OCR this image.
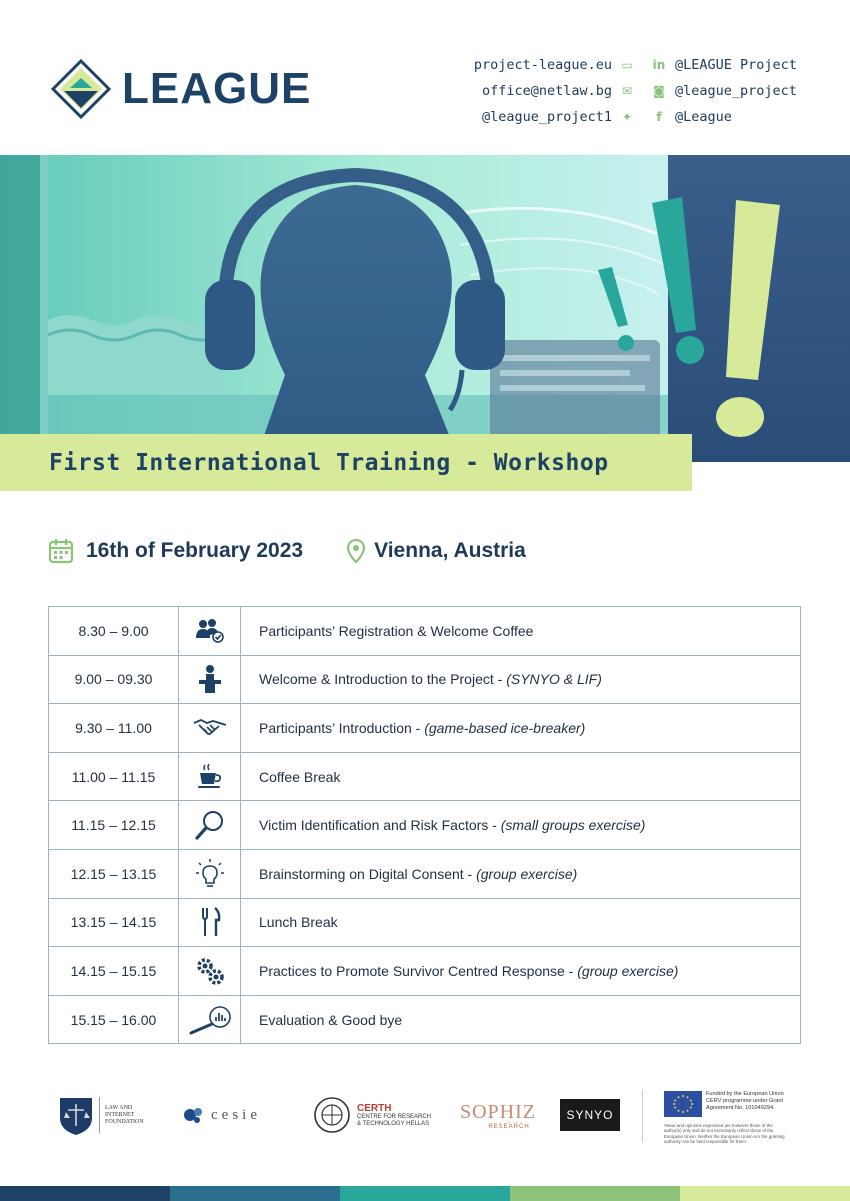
LEAGUE	project-league.eu ▭
office@netlaw.bg ✉
@league_project1 ✦
in @LEAGUE Project
◙ @league_project
f @League
First International Training - Workshop
16th of February 2023	Vienna, Austria
8.30 – 9.00		Participants’ Registration & Welcome Coffee
9.00 – 09.30		Welcome & Introduction to the Project - (SYNYO & LIF)
9.30 – 11.00		Participants’ Introduction - (game-based ice-breaker)
11.00 – 11.15		Coffee Break
11.15 – 12.15		Victim Identification and Risk Factors - (small groups exercise)
12.15 – 13.15		Brainstorming on Digital Consent - (group exercise)
13.15 – 14.15		Lunch Break
14.15 – 15.15		Practices to Promote Survivor Centred Response - (group exercise)
15.15 – 16.00		Evaluation & Good bye
LAW AND INTERNET FOUNDATION	cesie	CERTH
CENTRE FOR RESEARCH & TECHNOLOGY HELLAS
SOPHIZ
RESEARCH
SYNYO
Funded by the European Union CERV programme under Grant Agreement No. 101049294.
Views and opinions expressed are however those of the author(s) only and do not necessarily reflect those of the European Union. Neither the European Union nor the granting authority can be held responsible for them.
